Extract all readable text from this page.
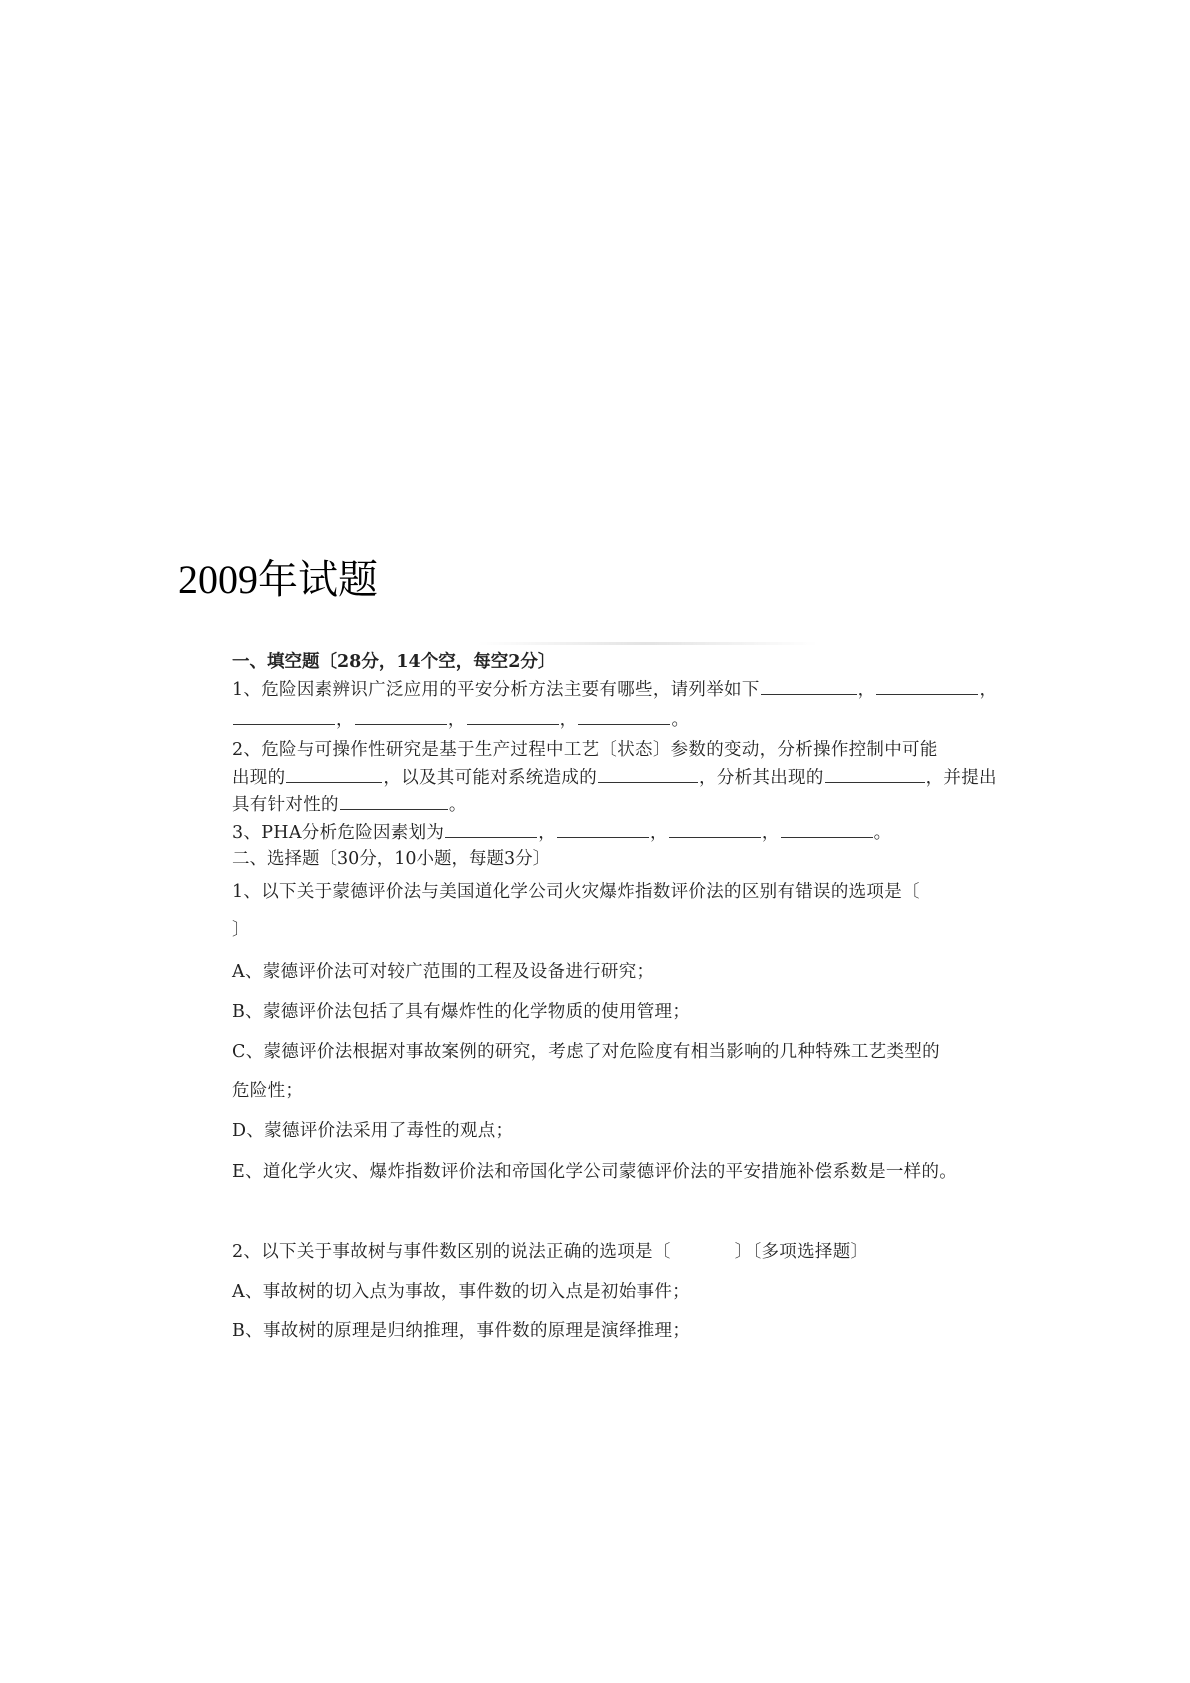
2009年试题
一、填空题〔28分，14个空，每空2分〕
1、危险因素辨识广泛应用的平安分析方法主要有哪些，请列举如下	，	，
，	，	，	。
2、危险与可操作性研究是基于生产过程中工艺〔状态〕参数的变动，分析操作控制中可能
出现的	，以及其可能对系统造成的	，分析其出现的	，并提出
具有针对性的	。
3、PHA分析危险因素划为	，	，	，	。
二、选择题〔30分，10小题，每题3分〕
1、以下关于蒙德评价法与美国道化学公司火灾爆炸指数评价法的区别有错误的选项是〔
〕
A、蒙德评价法可对较广范围的工程及设备进行研究；
B、蒙德评价法包括了具有爆炸性的化学物质的使用管理；
C、蒙德评价法根据对事故案例的研究，考虑了对危险度有相当影响的几种特殊工艺类型的
危险性；
D、蒙德评价法采用了毒性的观点；
E、道化学火灾、爆炸指数评价法和帝国化学公司蒙德评价法的平安措施补偿系数是一样的。
2、以下关于事故树与事件数区别的说法正确的选项是〔	〕〔多项选择题〕
A、事故树的切入点为事故，事件数的切入点是初始事件；
B、事故树的原理是归纳推理，事件数的原理是演绎推理；
